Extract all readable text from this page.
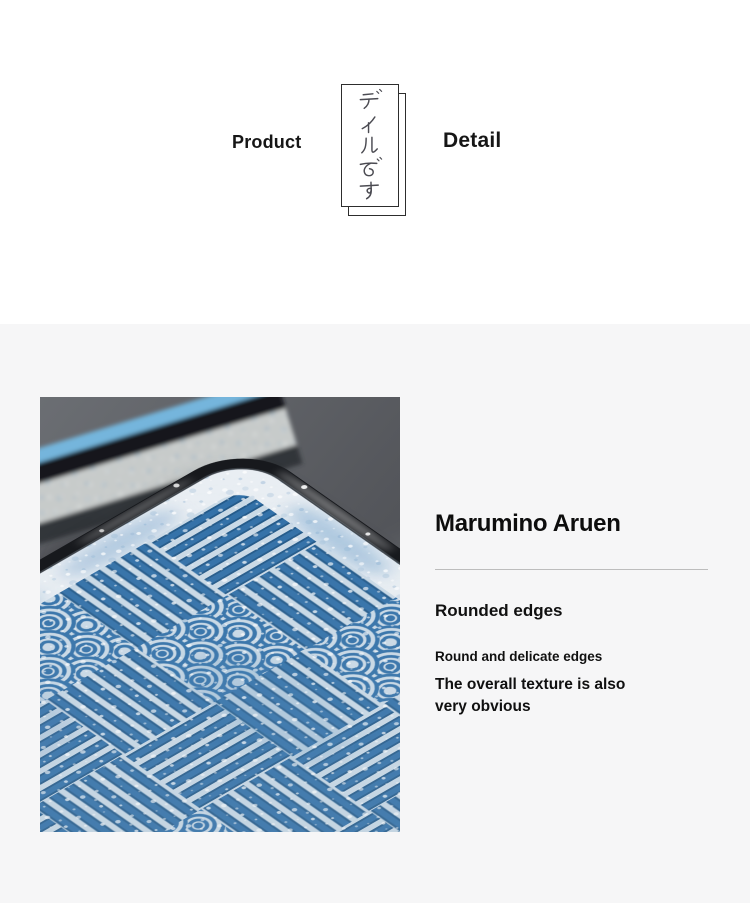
Product	Detail
Marumino Aruen
Rounded edges
Round and delicate edges
The overall texture is also very obvious
